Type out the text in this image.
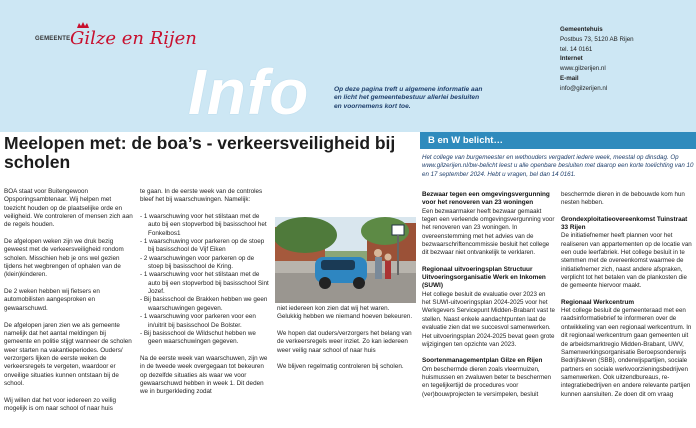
GEMEENTE Gilze en Rijen
Info	Op deze pagina treft u algemene informatie aan en licht het gemeentebestuur allerlei besluiten en voornemens kort toe.
Gemeentehuis
Postbus 73, 5120 AB Rijen
tel. 14 0161
Internet
www.gilzerijen.nl
E-mail
info@gilzerijen.nl
Meelopen met: de boa’s - verkeersveiligheid bij scholen

BOA staat voor Buitengewoon Opsporingsambtenaar. Wij helpen met toezicht houden op de plaatselijke orde en veiligheid. We controleren of mensen zich aan de regels houden.

De afgelopen weken zijn we druk bezig geweest met de verkeersveiligheid rondom scholen. Misschien heb je ons wel gezien tijdens het wegbrengen of ophalen van de (klein)kinderen.

De 2 weken hebben wij fietsers en automobilisten aangesproken en gewaarschuwd.

De afgelopen jaren zien we als gemeente namelijk dat het aantal meldingen bij gemeente en politie stijgt wanneer de scholen weer starten na vakantieperiodes. Ouders/ verzorgers lijken de eerste weken de verkeersregels te vergeten, waardoor er onveilige situaties kunnen ontstaan bij de school.

Wij willen dat het voor iedereen zo veilig mogelijk is om naar school of naar huis

te gaan. In de eerste week van de controles bleef het bij waarschuwingen. Namelijk:

- 1 waarschuwing voor het stilstaan met de auto bij een stopverbod bij basisschool het Fonkelbos1
- 1 waarschuwing voor parkeren op de stoep bij basisschool de Vijf Eiken
- 2 waarschuwingen voor parkeren op de stoep bij basisschool de Kring.
- 1 waarschuwing voor het stilstaan met de auto bij een stopverbod bij basisschool Sint Jozef.
- Bij basisschool de Brakken hebben we geen waarschuwingen gegeven.
- 1 waarschuwing voor parkeren voor een in/uitrit bij basisschool De Bolster.
- Bij basisschool de Wildschut hebben we geen waarschuwingen gegeven.

Na de eerste week van waarschuwen, zijn we in de tweede week overgegaan tot bekeuren op dezelfde situaties als waar we voor gewaarschuwd hebben in week 1. Dit deden we in burgerkleding zodat

niet iedereen kon zien dat wij het waren. Gelukkig hebben we niemand hoeven bekeuren.

We hopen dat ouders/verzorgers het belang van de verkeersregels weer inziet. Zo kan iedereen weer veilig naar school of naar huis

We blijven regelmatig controleren bij scholen.

B en W belicht…
Het college van burgemeester en wethouders vergadert iedere week, meestal op dinsdag. Op www.gilzerijen.nl/bw-belicht leest u alle openbare besluiten met daarop een korte toelichting van 10 en 17 september 2024. Hebt u vragen, bel dan 14 0161.
Bezwaar tegen een omgevingsvergunning voor het renoveren van 23 woningen

Een bezwaarmaker heeft bezwaar gemaakt tegen een verleende omgevingsvergunning voor het renoveren van 23 woningen. In overeenstemming met het advies van de bezwaarschriftencommissie besluit het college dit bezwaar niet ontvankelijk te verklaren.

Regionaal uitvoeringsplan Structuur Uitvoeringsorganisatie Werk en Inkomen (SUWI)

Het college besluit de evaluatie over 2023 en het SUWI-uitvoeringsplan 2024-2025 voor het Werkgevers Servicepunt Midden-Brabant vast te stellen. Naast enkele aandachtpunten laat de evaluatie zien dat we succesvol samenwerken. Het uitvoeringsplan 2024-2025 bevat geen grote wijzigingen ten opzichte van 2023.

Soortenmanagementplan Gilze en Rijen

Om beschermde dieren zoals vleermuizen, huismussen en zwaluwen beter te beschermen en tegelijkertijd de procedures voor (ver)bouwprojecten te versimpelen, besluit

beschermde dieren in de bebouwde kom hun nesten hebben.

Grondexploitatieovereenkomst Tuinstraat 33 Rijen

De initiatiefnemer heeft plannen voor het realiseren van appartementen op de locatie van een oude leerfabriek. Het college besluit in te stemmen met de overeenkomst waarmee de initiatiefnemer zich, naast andere afspraken, verplicht tot het betalen van de plankosten die de gemeente hiervoor maakt.

Regionaal Werkcentrum

Het college besluit de gemeenteraad met een raadsinformatiebrief te informeren over de ontwikkeling van een regionaal werkcentrum. In dit regionaal werkcentrum gaan gemeenten uit de arbeidsmarktregio Midden-Brabant, UWV, Samenwerkingsorganisatie Beroepsonderwijs Bedrijfsleven (SBB), onderwijspartijen, sociale partners en sociale werkvoorzieningsbedrijven samenwerken. Ook uitzendbureaus, re-integratiebedrijven en andere relevante partijen kunnen aansluiten. Ze doen dit om vraag
